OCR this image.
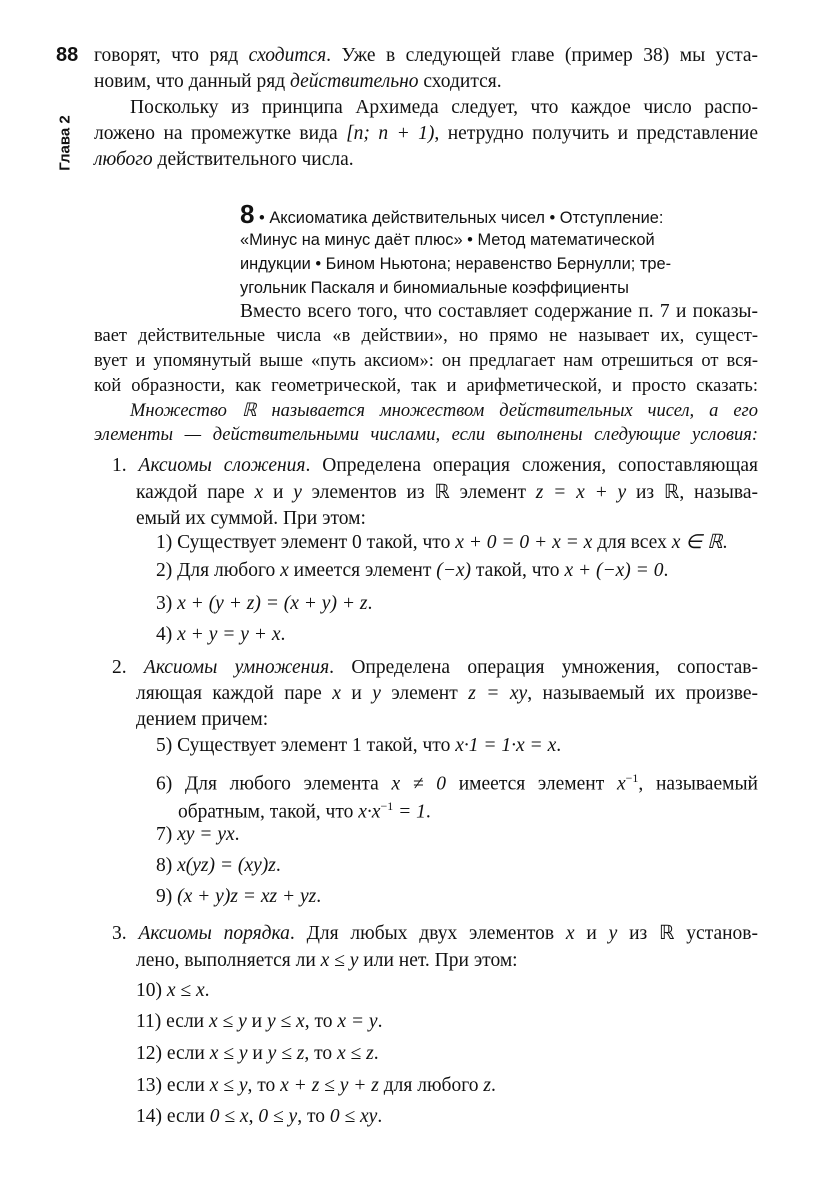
88
Глава 2
говорят, что ряд сходится. Уже в следующей главе (пример 38) мы уста-
новим, что данный ряд действительно сходится.
Поскольку из принципа Архимеда следует, что каждое число распо-
ложено на промежутке вида [n; n + 1), нетрудно получить и представление
любого действительного числа.
8 • Аксиоматика действительных чисел • Отступление:
«Минус на минус даёт плюс» • Метод математической
индукции • Бином Ньютона; неравенство Бернулли; тре-
угольник Паскаля и биномиальные коэффициенты
Вместо всего того, что составляет содержание п. 7 и показы-
вает действительные числа «в действии», но прямо не называет их, сущест-
вует и упомянутый выше «путь аксиом»: он предлагает нам отрешиться от вся-
кой образности, как геометрической, так и арифметической, и просто сказать:
Множество ℝ называется множеством действительных чисел, а его
элементы — действительными числами, если выполнены следующие условия:
1. Аксиомы сложения. Определена операция сложения, сопоставляющая
каждой паре x и y элементов из ℝ элемент z = x + y из ℝ, называ-
емый их суммой. При этом:
1) Существует элемент 0 такой, что x + 0 = 0 + x = x для всех x ∈ ℝ.
2) Для любого x имеется элемент (−x) такой, что x + (−x) = 0.
3) x + (y + z) = (x + y) + z.
4) x + y = y + x.
2. Аксиомы умножения. Определена операция умножения, сопостав-
ляющая каждой паре x и y элемент z = xy, называемый их произве-
дением причем:
5) Существует элемент 1 такой, что x·1 = 1·x = x.
6) Для любого элемента x ≠ 0 имеется элемент $x^{-1}$, называемый
обратным, такой, что $x\cdot x^{-1} = 1$.
7) xy = yx.
8) x(yz) = (xy)z.
9) (x + y)z = xz + yz.
3. Аксиомы порядка. Для любых двух элементов x и y из ℝ установ-
лено, выполняется ли x ≤ y или нет. При этом:
10) x ≤ x.
11) если x ≤ y и y ≤ x, то x = y.
12) если x ≤ y и y ≤ z, то x ≤ z.
13) если x ≤ y, то x + z ≤ y + z для любого z.
14) если 0 ≤ x, 0 ≤ y, то 0 ≤ xy.
